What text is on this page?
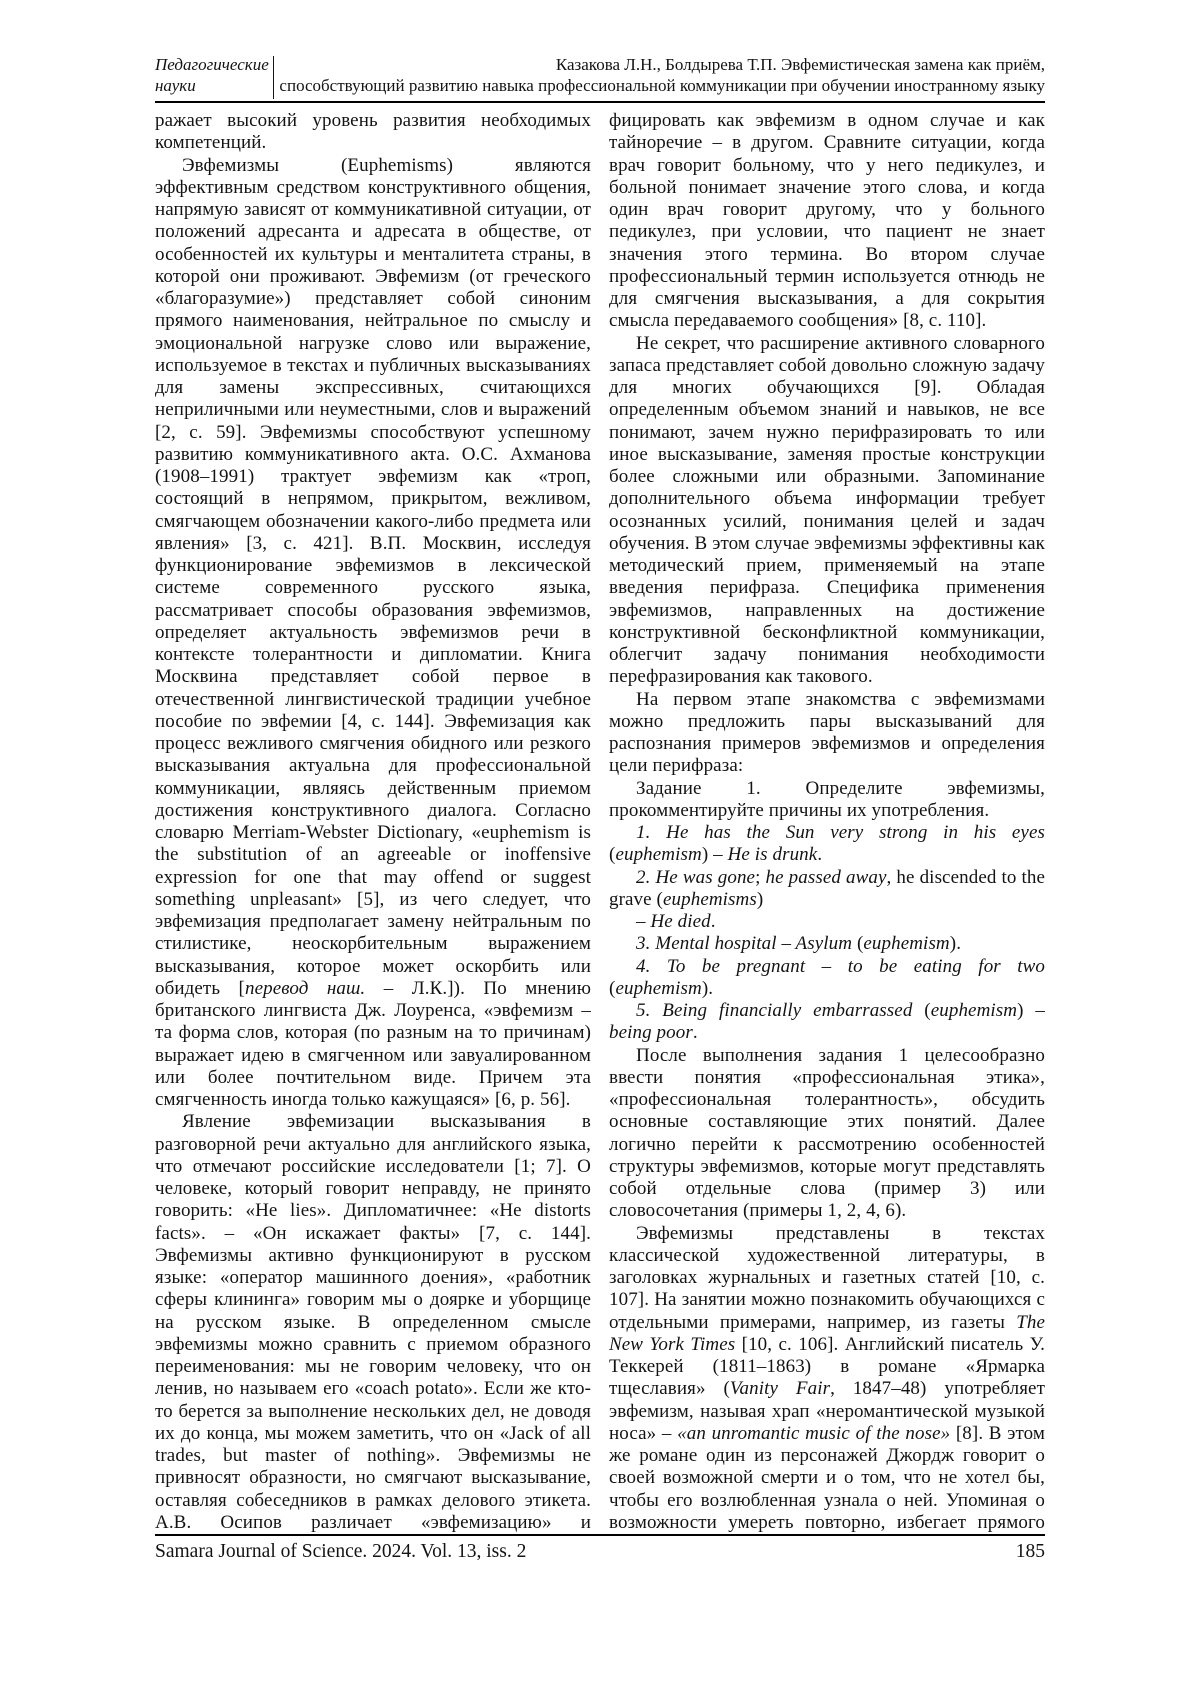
Педагогические
науки
Казакова Л.Н., Болдырева Т.П. Эвфемистическая замена как приём,
способствующий развитию навыка профессиональной коммуникации при обучении иностранному языку

ражает высокий уровень развития необходимых компетенций.

Эвфемизмы (Euphemisms) являются эффективным средством конструктивного общения, напрямую зависят от коммуникативной ситуации, от положений адресанта и адресата в обществе, от особенностей их культуры и менталитета страны, в которой они проживают. Эвфемизм (от греческого «благоразумие») представляет собой синоним прямого наименования, нейтральное по смыслу и эмоциональной нагрузке слово или выражение, используемое в текстах и публичных высказываниях для замены экспрессивных, считающихся неприличными или неуместными, слов и выражений [2, с. 59]. Эвфемизмы способствуют успешному развитию коммуникативного акта. О.С. Ахманова (1908–1991) трактует эвфемизм как «троп, состоящий в непрямом, прикрытом, вежливом, смягчающем обозначении какого-либо предмета или явления» [3, с. 421]. В.П. Москвин, исследуя функционирование эвфемизмов в лексической системе современного русского языка, рассматривает способы образования эвфемизмов, определяет актуальность эвфемизмов речи в контексте толерантности и дипломатии. Книга Москвина представляет собой первое в отечественной лингвистической традиции учебное пособие по эвфемии [4, с. 144]. Эвфемизация как процесс вежливого смягчения обидного или резкого высказывания актуальна для профессиональной коммуникации, являясь действенным приемом достижения конструктивного диалога. Согласно словарю Merriam-Webster Dictionary, «euphemism is the substitution of an agreeable or inoffensive expression for one that may offend or suggest something unpleasant» [5], из чего следует, что эвфемизация предполагает замену нейтральным по стилистике, неоскорбительным выражением высказывания, которое может оскорбить или обидеть [перевод наш. – Л.К.]). По мнению британского лингвиста Дж. Лоуренса, «эвфемизм – та форма слов, которая (по разным на то причинам) выражает идею в смягченном или завуалированном или более почтительном виде. Причем эта смягченность иногда только кажущаяся» [6, p. 56].

Явление эвфемизации высказывания в разговорной речи актуально для английского языка, что отмечают российские исследователи [1; 7]. О человеке, который говорит неправду, не принято говорить: «He lies». Дипломатичнее: «He distorts facts». – «Он искажает факты» [7, с. 144]. Эвфемизмы активно функционируют в русском языке: «оператор машинного доения», «работник сферы клининга» говорим мы о доярке и уборщице на русском языке. В определенном смысле эвфемизмы можно сравнить с приемом образного переименования: мы не говорим человеку, что он ленив, но называем его «coach potato». Если же кто-то берется за выполнение нескольких дел, не доводя их до конца, мы можем заметить, что он «Jack of all trades, but master of nothing». Эвфемизмы не привносят образности, но смягчают высказывание, оставляя собеседников в рамках делового этикета. А.В. Осипов различает «эвфемизацию» и

фицировать как эвфемизм в одном случае и как тайноречие – в другом. Сравните ситуации, когда врач говорит больному, что у него педикулез, и больной понимает значение этого слова, и когда один врач говорит другому, что у больного педикулез, при условии, что пациент не знает значения этого термина. Во втором случае профессиональный термин используется отнюдь не для смягчения высказывания, а для сокрытия смысла передаваемого сообщения» [8, с. 110].

Не секрет, что расширение активного словарного запаса представляет собой довольно сложную задачу для многих обучающихся [9]. Обладая определенным объемом знаний и навыков, не все понимают, зачем нужно перифразировать то или иное высказывание, заменяя простые конструкции более сложными или образными. Запоминание дополнительного объема информации требует осознанных усилий, понимания целей и задач обучения. В этом случае эвфемизмы эффективны как методический прием, применяемый на этапе введения перифраза. Специфика применения эвфемизмов, направленных на достижение конструктивной бесконфликтной коммуникации, облегчит задачу понимания необходимости перефразирования как такового.

На первом этапе знакомства с эвфемизмами можно предложить пары высказываний для распознания примеров эвфемизмов и определения цели перифраза:

Задание 1. Определите эвфемизмы, прокомментируйте причины их употребления.

1. He has the Sun very strong in his eyes (euphemism) – He is drunk.

2. He was gone; he passed away, he discended to the grave (euphemisms)

– He died.

3. Mental hospital – Asylum (euphemism).

4. To be pregnant – to be eating for two (euphemism).

5. Being financially embarrassed (euphemism) – being poor.

После выполнения задания 1 целесообразно ввести понятия «профессиональная этика», «профессиональная толерантность», обсудить основные составляющие этих понятий. Далее логично перейти к рассмотрению особенностей структуры эвфемизмов, которые могут представлять собой отдельные слова (пример 3) или словосочетания (примеры 1, 2, 4, 6).

Эвфемизмы представлены в текстах классической художественной литературы, в заголовках журнальных и газетных статей [10, с. 107]. На занятии можно познакомить обучающихся с отдельными примерами, например, из газеты The New York Times [10, с. 106]. Английский писатель У. Теккерей (1811–1863) в романе «Ярмарка тщеславия» (Vanity Fair, 1847–48) употребляет эвфемизм, называя храп «неромантической музыкой носа» – «an unromantic music of the nose» [8]. В этом же романе один из персонажей Джордж говорит о своей возможной смерти и о том, что не хотел бы, чтобы его возлюбленная узнала о ней. Упоминая о возможности умереть повторно, избегает прямого

Samara Journal of Science. 2024. Vol. 13, iss. 2	185
